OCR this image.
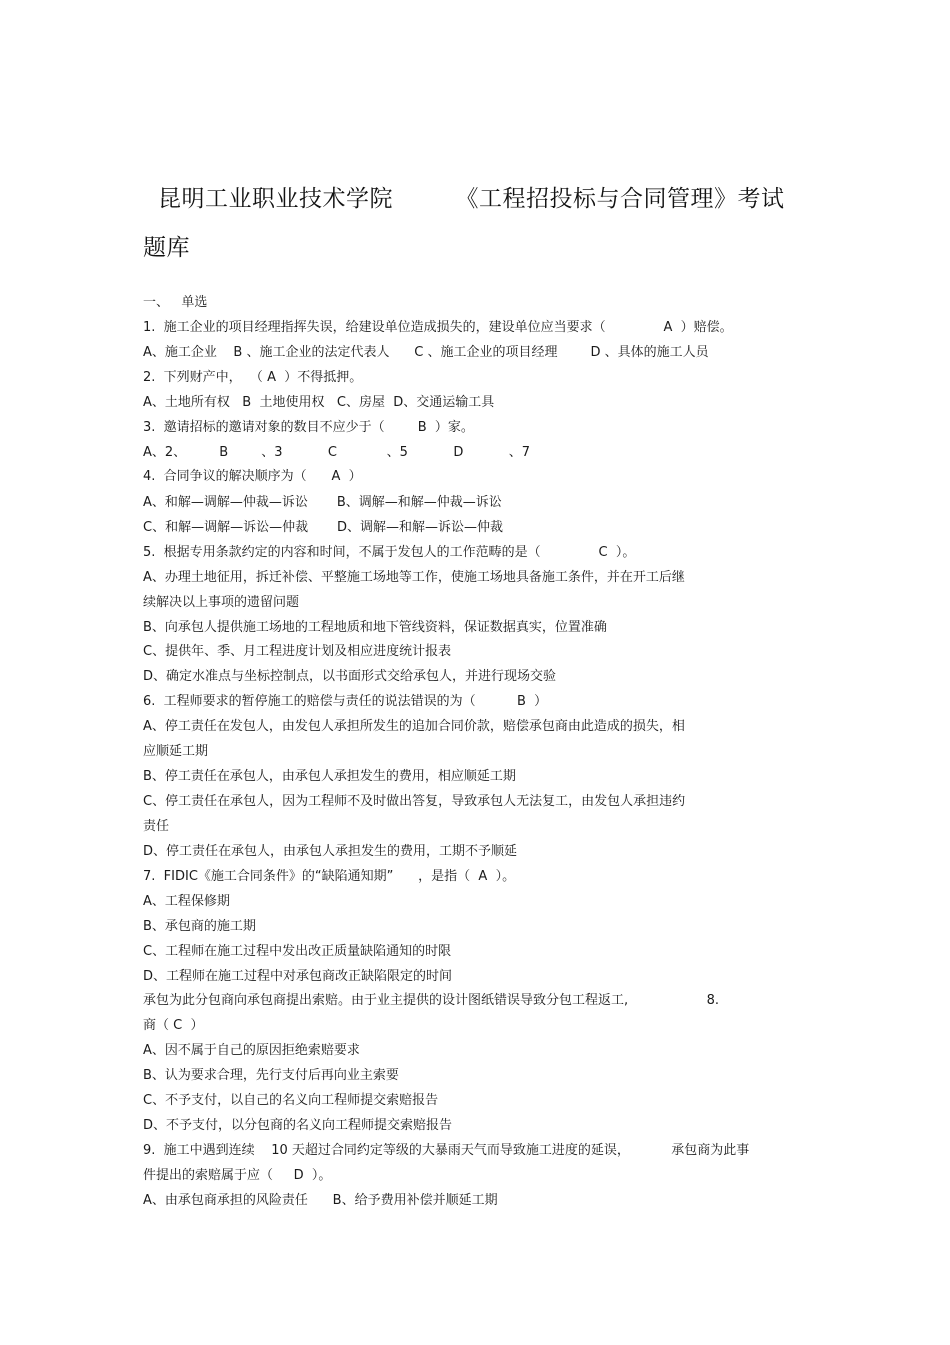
昆明工业职业技术学院        《工程招投标与合同管理》考试
题库
一、   单选
1.  施工企业的项目经理指挥失误，给建设单位造成损失的，建设单位应当要求（              A  ）赔偿。
A、施工企业    B 、施工企业的法定代表人      C 、施工企业的项目经理        D 、具体的施工人员
2.  下列财产中，  （ A  ）不得抵押。
A、土地所有权   B  土地使用权   C、房屋  D、交通运输工具
3.  邀请招标的邀请对象的数目不应少于（        B  ）家。
A、2、        B        、3           C            、5           D           、7
4.  合同争议的解决顺序为（      A  ）
A、和解—调解—仲裁—诉讼       B、调解—和解—仲裁—诉讼
C、和解—调解—诉讼—仲裁       D、调解—和解—诉讼—仲裁
5.  根据专用条款约定的内容和时间，不属于发包人的工作范畴的是（              C  ）。
A、办理土地征用，拆迁补偿、平整施工场地等工作，使施工场地具备施工条件，并在开工后继
续解决以上事项的遗留问题
B、向承包人提供施工场地的工程地质和地下管线资料，保证数据真实，位置准确
C、提供年、季、月工程进度计划及相应进度统计报表
D、确定水准点与坐标控制点，以书面形式交给承包人，并进行现场交验
6.  工程师要求的暂停施工的赔偿与责任的说法错误的为（          B  ）
A、停工责任在发包人，由发包人承担所发生的追加合同价款，赔偿承包商由此造成的损失，相
应顺延工期
B、停工责任在承包人，由承包人承担发生的费用，相应顺延工期
C、停工责任在承包人，因为工程师不及时做出答复，导致承包人无法复工，由发包人承担违约
责任
D、停工责任在承包人，由承包人承担发生的费用，工期不予顺延
7.  FIDIC《施工合同条件》的“缺陷通知期”      ，是指（  A  ）。
A、工程保修期
B、承包商的施工期
C、工程师在施工过程中发出改正质量缺陷通知的时限
D、工程师在施工过程中对承包商改正缺陷限定的时间
承包为此分包商向承包商提出索赔。由于业主提供的设计图纸错误导致分包工程返工,                   8.
商（ C  ）
A、因不属于自己的原因拒绝索赔要求
B、认为要求合理，先行支付后再向业主索要
C、不予支付，以自己的名义向工程师提交索赔报告
D、不予支付，以分包商的名义向工程师提交索赔报告
9.  施工中遇到连续    10 天超过合同约定等级的大暴雨天气而导致施工进度的延误，          承包商为此事
件提出的索赔属于应（     D  ）。
A、由承包商承担的风险责任      B、给予费用补偿并顺延工期
